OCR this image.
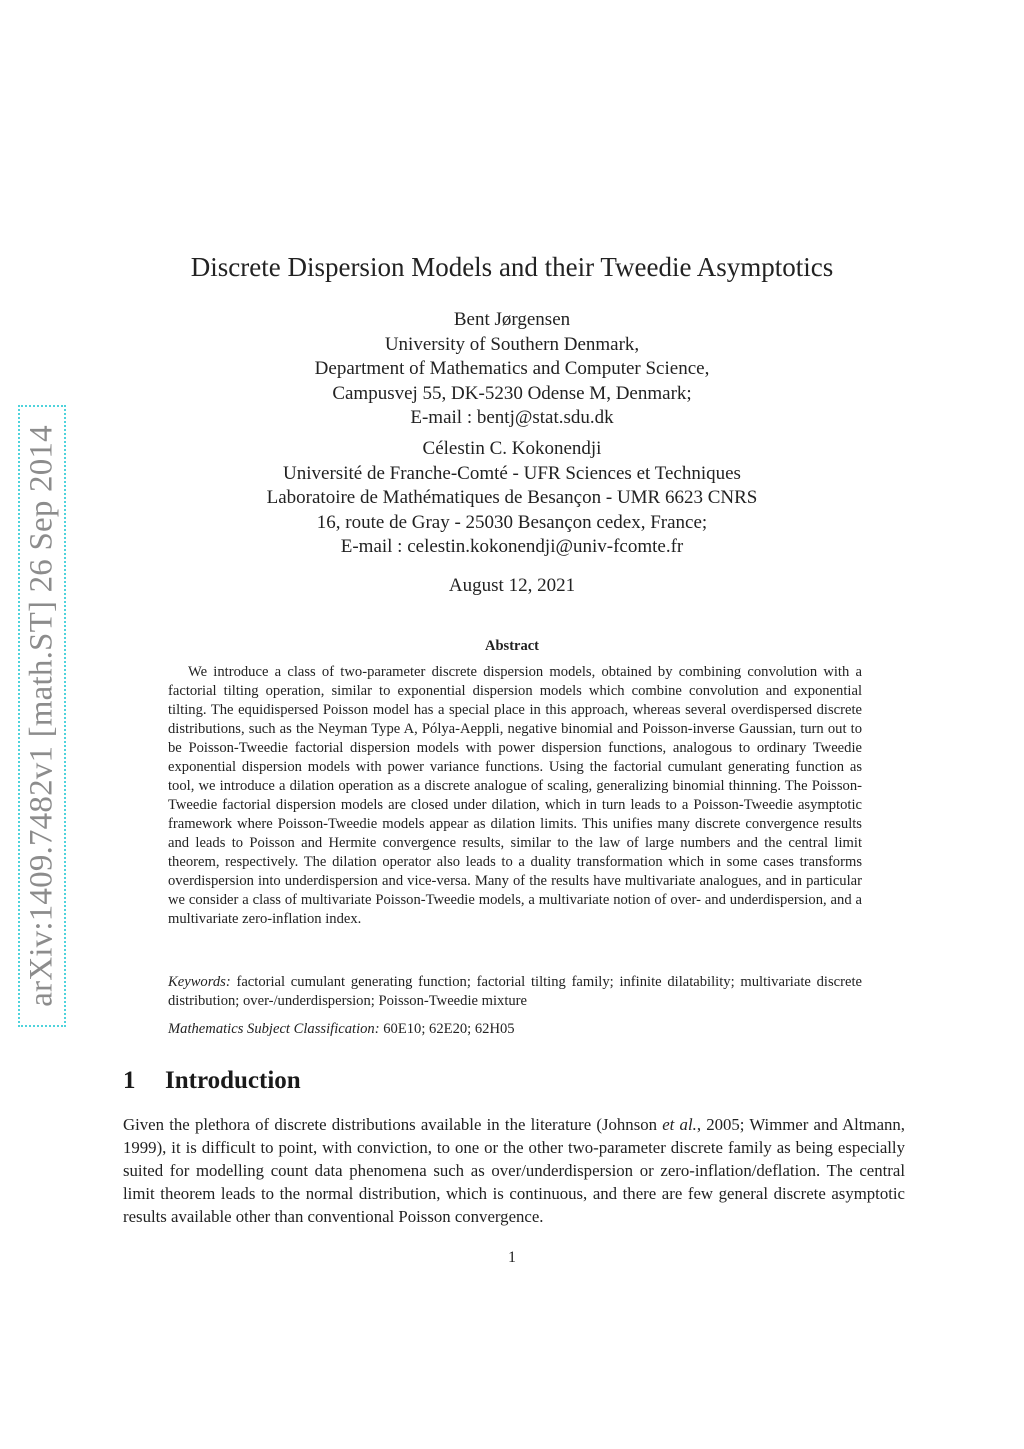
arXiv:1409.7482v1 [math.ST] 26 Sep 2014
Discrete Dispersion Models and their Tweedie Asymptotics
Bent Jørgensen
University of Southern Denmark,
Department of Mathematics and Computer Science,
Campusvej 55, DK-5230 Odense M, Denmark;
E-mail : bentj@stat.sdu.dk
Célestin C. Kokonendji
Université de Franche-Comté - UFR Sciences et Techniques
Laboratoire de Mathématiques de Besançon - UMR 6623 CNRS
16, route de Gray - 25030 Besançon cedex, France;
E-mail : celestin.kokonendji@univ-fcomte.fr
August 12, 2021
Abstract

We introduce a class of two-parameter discrete dispersion models, obtained by combining convolution with a factorial tilting operation, similar to exponential dispersion models which combine convolution and exponential tilting. The equidispersed Poisson model has a special place in this approach, whereas several overdispersed discrete distributions, such as the Neyman Type A, Pólya-Aeppli, negative binomial and Poisson-inverse Gaussian, turn out to be Poisson-Tweedie factorial dispersion models with power dispersion functions, analogous to ordinary Tweedie exponential dispersion models with power variance functions. Using the factorial cumulant generating function as tool, we introduce a dilation operation as a discrete analogue of scaling, generalizing binomial thinning. The Poisson-Tweedie factorial dispersion models are closed under dilation, which in turn leads to a Poisson-Tweedie asymptotic framework where Poisson-Tweedie models appear as dilation limits. This unifies many discrete convergence results and leads to Poisson and Hermite convergence results, similar to the law of large numbers and the central limit theorem, respectively. The dilation operator also leads to a duality transformation which in some cases transforms overdispersion into underdispersion and vice-versa. Many of the results have multivariate analogues, and in particular we consider a class of multivariate Poisson-Tweedie models, a multivariate notion of over- and underdispersion, and a multivariate zero-inflation index.

Keywords: factorial cumulant generating function; factorial tilting family; infinite dilatability; multivariate discrete distribution; over-/underdispersion; Poisson-Tweedie mixture

Mathematics Subject Classification: 60E10; 62E20; 62H05

1 Introduction

Given the plethora of discrete distributions available in the literature (Johnson et al., 2005; Wimmer and Altmann, 1999), it is difficult to point, with conviction, to one or the other two-parameter discrete family as being especially suited for modelling count data phenomena such as over/underdispersion or zero-inflation/deflation. The central limit theorem leads to the normal distribution, which is continuous, and there are few general discrete asymptotic results available other than conventional Poisson convergence.

1
